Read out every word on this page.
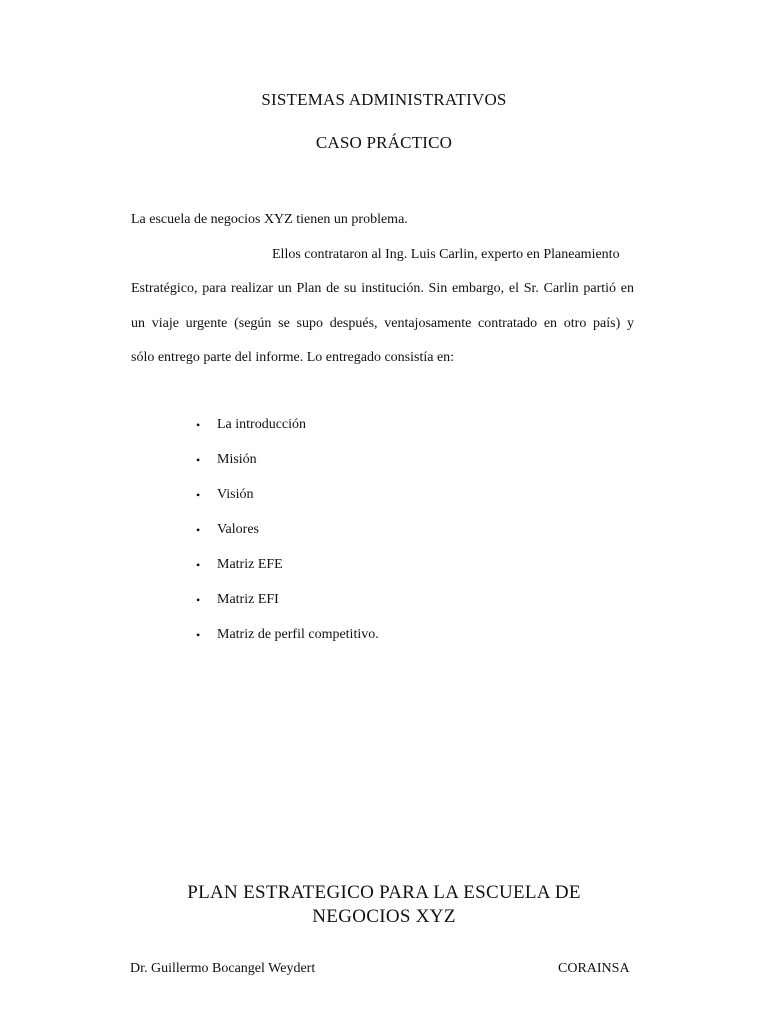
SISTEMAS ADMINISTRATIVOS
CASO PRÁCTICO
La escuela de negocios XYZ tienen un problema.
Ellos contrataron al Ing. Luis Carlin, experto en Planeamiento
Estratégico, para realizar un Plan de su institución. Sin embargo, el Sr. Carlin partió en
un viaje urgente (según se supo después, ventajosamente contratado en otro país) y
sólo entrego parte del informe. Lo entregado consistía en:
• La introducción
• Misión
• Visión
• Valores
• Matriz EFE
• Matriz EFI
• Matriz de perfil competitivo.
PLAN ESTRATEGICO PARA LA ESCUELA DE
NEGOCIOS XYZ
Dr. Guillermo Bocangel Weydert	CORAINSA
